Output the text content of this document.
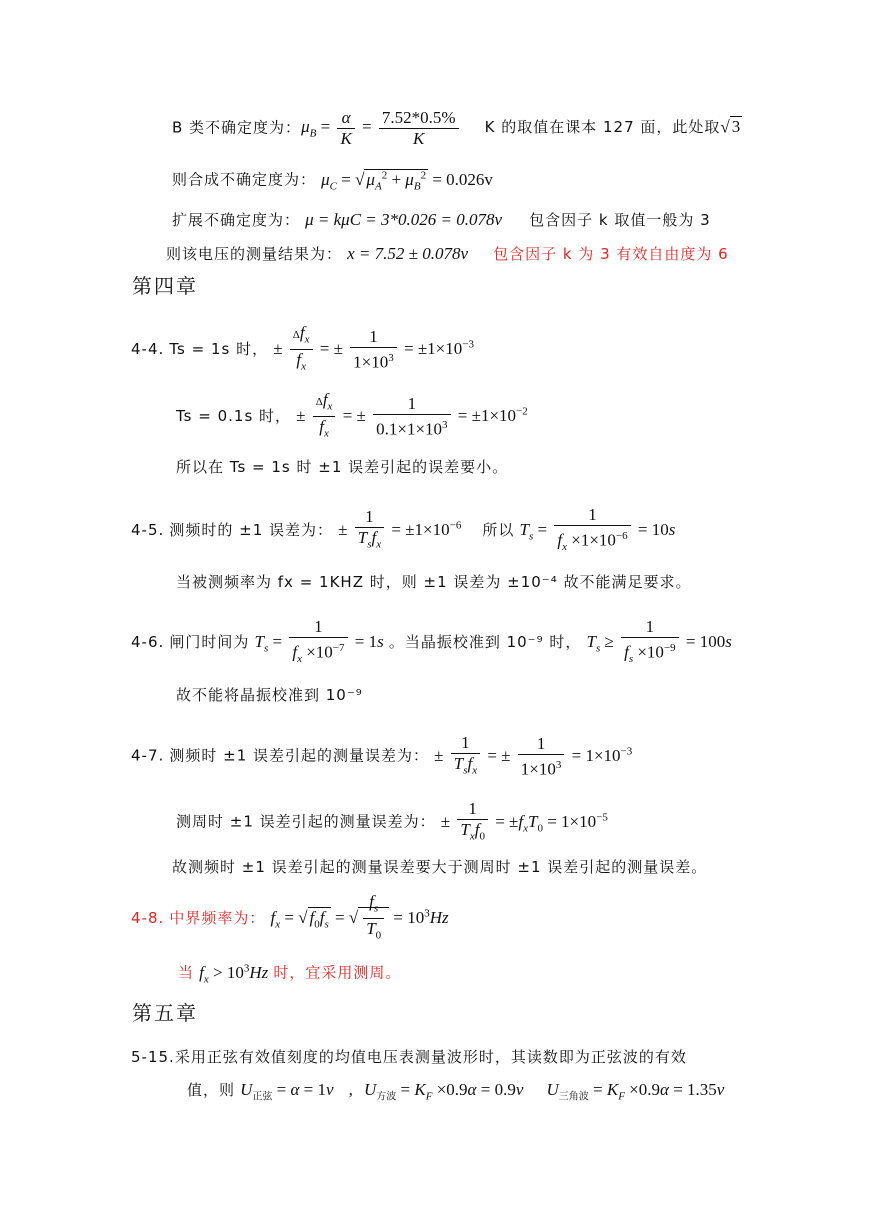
B 类不确定度为：$\mu_B = \frac{\alpha}{K} = \frac{7.52*0.5\%}{K}$ K 的取值在课本 127 面，此处取√ 3
则合成不确定度为： $\mu_C$ = √ $\mu_A^2 + \mu_B^2 = 0.026v$
扩展不确定度为： μ = kμC = 3*0.026 = 0.078v 包含因子 k 取值一般为 3
则该电压的测量结果为： x = 7.52 ± 0.078v 包含因子 k 为 3 有效自由度为 6
第四章
4-4. Ts = 1s 时， ± $\frac{\Delta f_x}{f_x}$ = ± $\frac{1}{1\times 10^3} = \pm 1\times 10^{-3}$
Ts = 0.1s 时， ± $\frac{\Delta f_x}{f_x}$ = ± $\frac{1}{0.1\times 1\times 10^3} = \pm 1\times 10^{-2}$
所以在 Ts = 1s 时 ±1 误差引起的误差要小。
4-5. 测频时的 ±1 误差为： ± $\frac{1}{T_sf_x} = \pm 1\times 10^{-6}$ 所以 $T_s = \frac{1}{f_x \times 1\times 10^{-6}} = 10s$
当被测频率为 fx = 1KHZ 时，则 ±1 误差为 ±10⁻⁴ 故不能满足要求。
4-6. 闸门时间为 $T_s = \frac{1}{f_x \times 10^{-7}} = 1s$ 。当晶振校准到 10⁻⁹ 时， $T_s \ge \frac{1}{f_s \times 10^{-9}} = 100s$
故不能将晶振校准到 10⁻⁹
4-7. 测频时 ±1 误差引起的测量误差为： ± $\frac{1}{T_sf_x}$ = ± $\frac{1}{1\times 10^3} = 1\times 10^{-3}$
测周时 ±1 误差引起的测量误差为： ± $\frac{1}{T_xf_0} = \pm f_xT_0 = 1\times 10^{-5}$
故测频时 ±1 误差引起的测量误差要大于测周时 ±1 误差引起的测量误差。
4-8. 中界频率为： $f_x$ = √ $f_0f_s$ = √ $\frac{f_s}{T_0} = 10^3Hz$
当 $f_x > 10^3Hz$ 时，宜采用测周。
第五章
5-15.采用正弦有效值刻度的均值电压表测量波形时，其读数即为正弦波的有效
值，则 $U_{正弦} = \alpha = 1v$ , $U_{方波} = K_F \times 0.9\alpha = 0.9v$ $U_{三角波} = K_F \times 0.9\alpha = 1.35v$
